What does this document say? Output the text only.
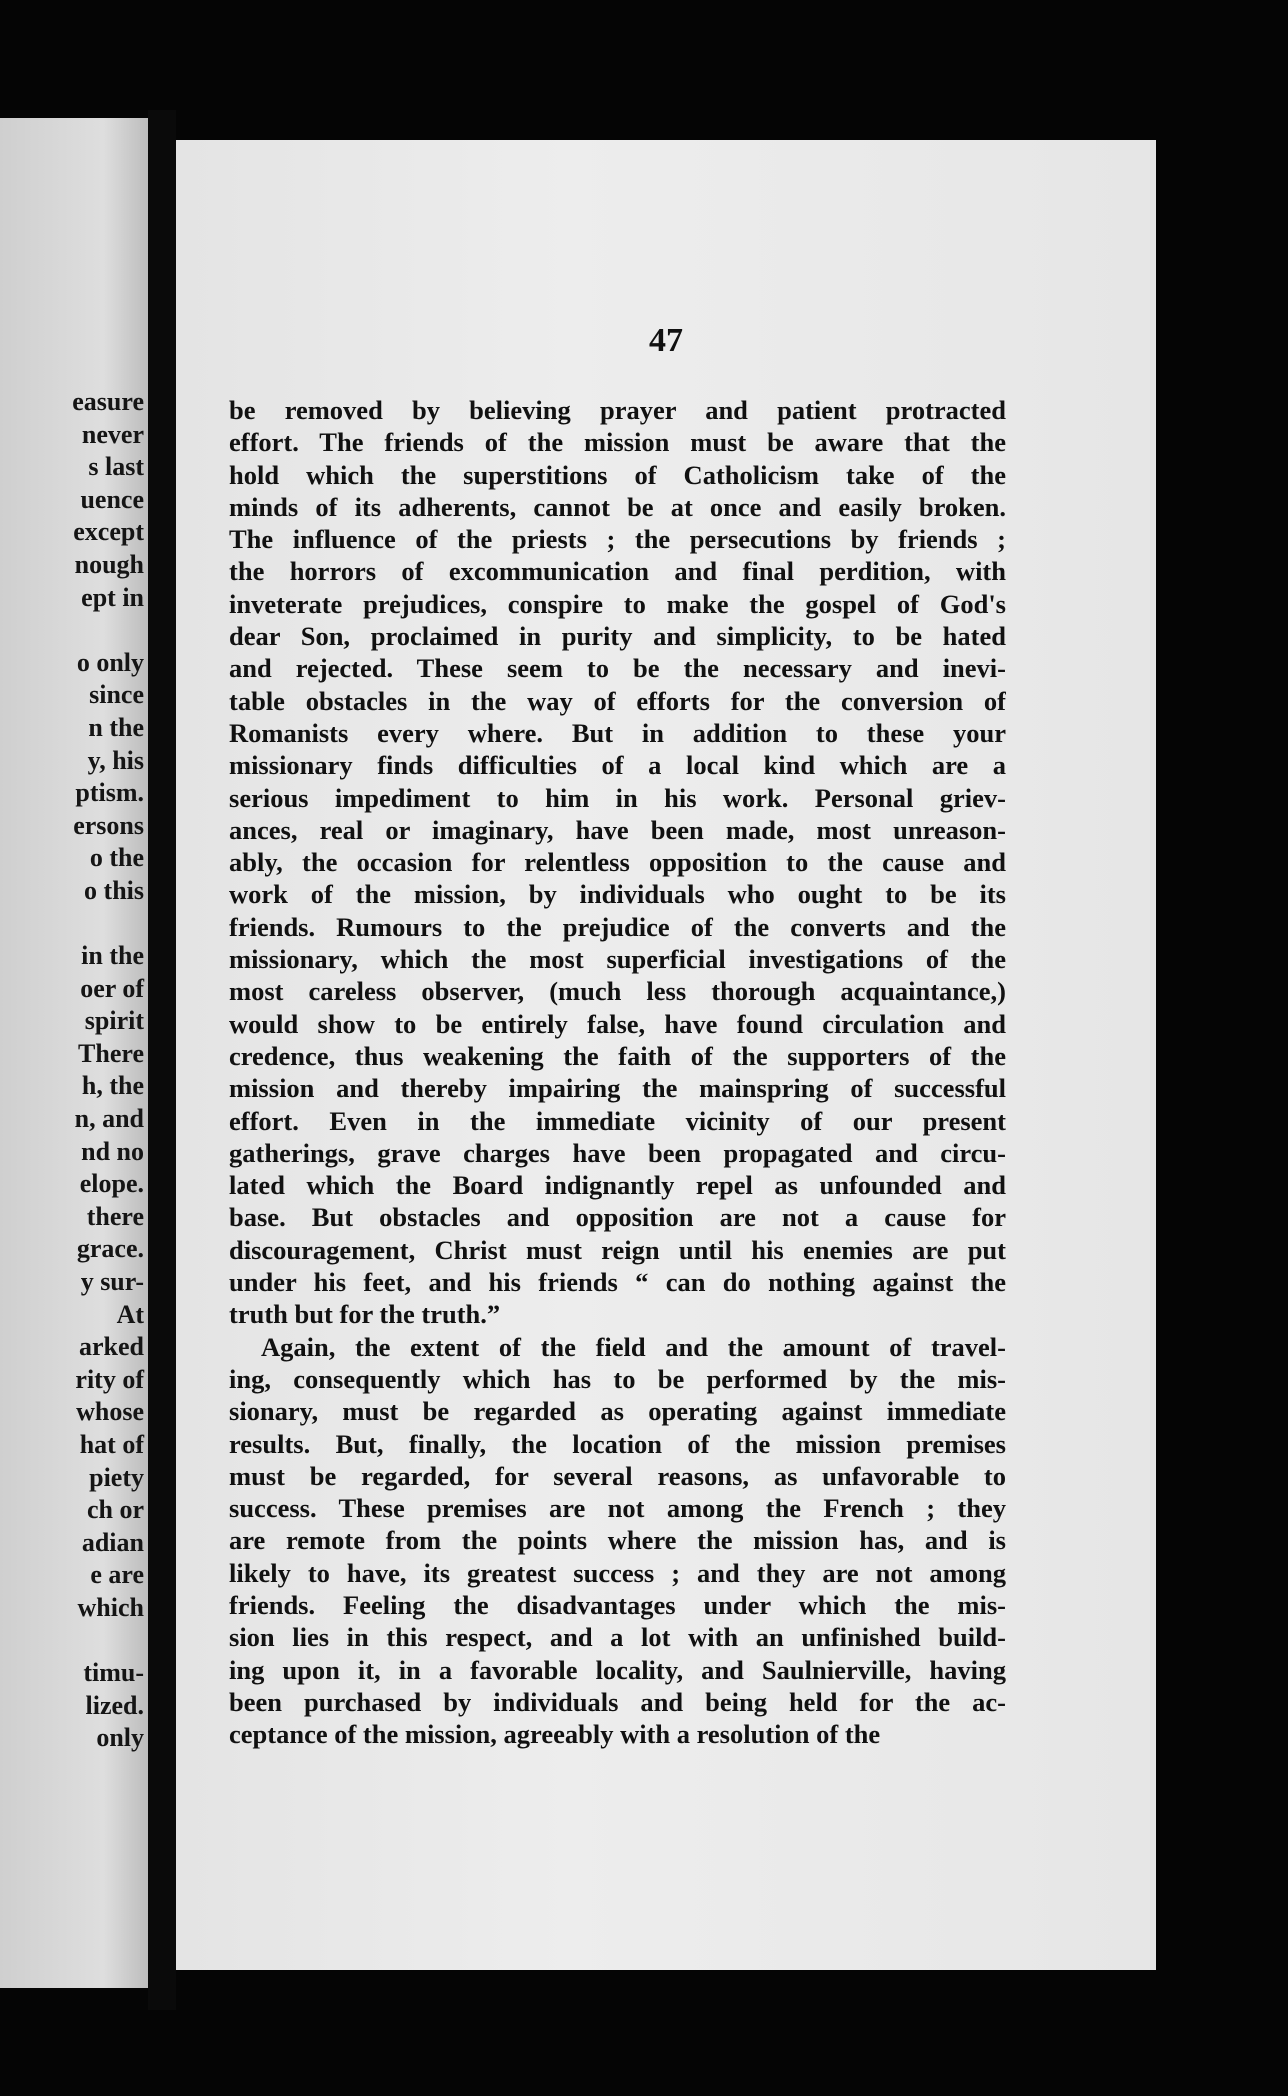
easure
never
s last
uence
except
nough
ept in
o only
since
n the
y, his
ptism.
ersons
o the
o this
in the
oer of
spirit
There
h, the
n, and
nd no
elope.
there
grace.
y sur-
At
arked
rity of
whose
hat of
piety
ch or
adian
e are
which
timu-
lized.
only
47
be removed by believing prayer and patient protracted
effort. The friends of the mission must be aware that the
hold which the superstitions of Catholicism take of the
minds of its adherents, cannot be at once and easily broken.
The influence of the priests ; the persecutions by friends ;
the horrors of excommunication and final perdition, with
inveterate prejudices, conspire to make the gospel of God's
dear Son, proclaimed in purity and simplicity, to be hated
and rejected. These seem to be the necessary and inevi-
table obstacles in the way of efforts for the conversion of
Romanists every where. But in addition to these your
missionary finds difficulties of a local kind which are a
serious impediment to him in his work. Personal griev-
ances, real or imaginary, have been made, most unreason-
ably, the occasion for relentless opposition to the cause and
work of the mission, by individuals who ought to be its
friends. Rumours to the prejudice of the converts and the
missionary, which the most superficial investigations of the
most careless observer, (much less thorough acquaintance,)
would show to be entirely false, have found circulation and
credence, thus weakening the faith of the supporters of the
mission and thereby impairing the mainspring of successful
effort. Even in the immediate vicinity of our present
gatherings, grave charges have been propagated and circu-
lated which the Board indignantly repel as unfounded and
base. But obstacles and opposition are not a cause for
discouragement, Christ must reign until his enemies are put
under his feet, and his friends “ can do nothing against the
truth but for the truth.”
Again, the extent of the field and the amount of travel-
ing, consequently which has to be performed by the mis-
sionary, must be regarded as operating against immediate
results. But, finally, the location of the mission premises
must be regarded, for several reasons, as unfavorable to
success. These premises are not among the French ; they
are remote from the points where the mission has, and is
likely to have, its greatest success ; and they are not among
friends. Feeling the disadvantages under which the mis-
sion lies in this respect, and a lot with an unfinished build-
ing upon it, in a favorable locality, and Saulnierville, having
been purchased by individuals and being held for the ac-
ceptance of the mission, agreeably with a resolution of the
